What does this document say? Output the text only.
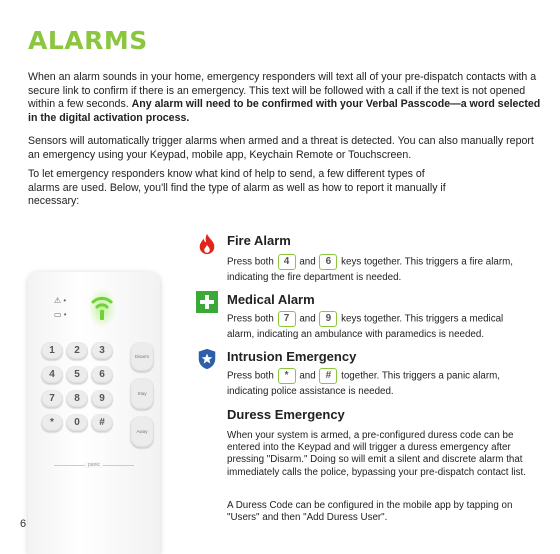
ALARMS
When an alarm sounds in your home, emergency responders will text all of your pre-dispatch contacts with a secure link to confirm if there is an emergency. This text will be followed with a call if the text is not opened within a few seconds. Any alarm will need to be confirmed with your Verbal Passcode—a word selected in the digital activation process.
Sensors will automatically trigger alarms when armed and a threat is detected. You can also manually report an emergency using your Keypad, mobile app, Keychain Remote or Touchscreen.
To let emergency responders know what kind of help to send, a few different types of alarms are used. Below, you'll find the type of alarm as well as how to report it manually if necessary:
⚠ •
▭ •
1	2	3
4	5	6
7	8	9
*	0	#
Disarm
Stay
Away
panic
6
Fire Alarm
Press both 4 and 6 keys together. This triggers a fire alarm, indicating the fire department is needed.
Medical Alarm
Press both 7 and 9 keys together. This triggers a medical alarm, indicating an ambulance with paramedics is needed.
Intrusion Emergency
Press both * and # together. This triggers a panic alarm, indicating police assistance is needed.
Duress Emergency
When your system is armed, a pre-configured duress code can be entered into the Keypad and will trigger a duress emergency after pressing "Disarm." Doing so will emit a silent and discrete alarm that immediately calls the police, bypassing your pre-dispatch contact list.
A Duress Code can be configured in the mobile app by tapping on "Users" and then "Add Duress User".
